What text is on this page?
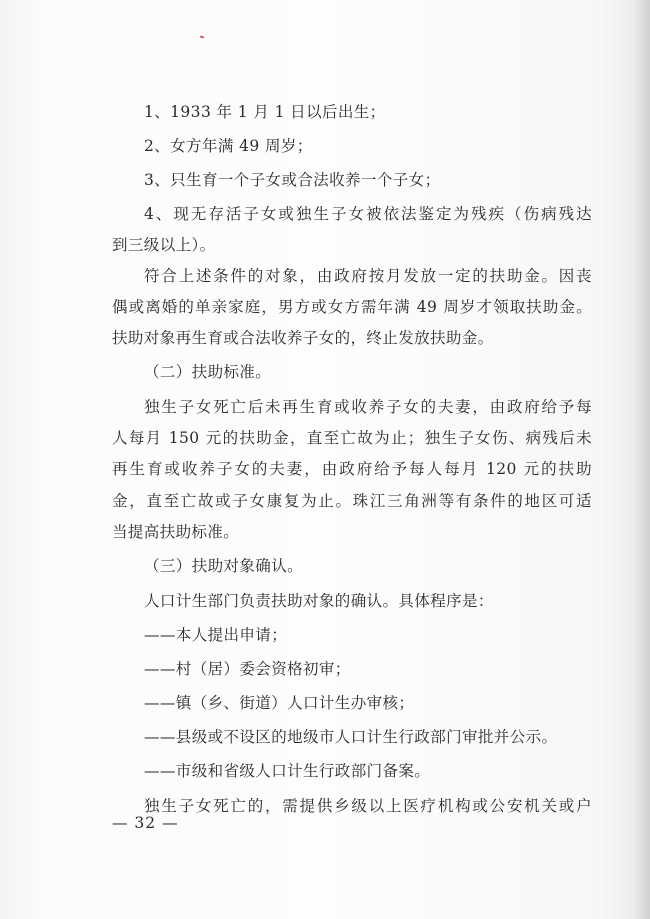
1、1933 年 1 月 1 日以后出生；
2、女方年满 49 周岁；
3、只生育一个子女或合法收养一个子女；
4、现无存活子女或独生子女被依法鉴定为残疾（伤病残达
到三级以上）。
符合上述条件的对象，由政府按月发放一定的扶助金。因丧
偶或离婚的单亲家庭，男方或女方需年满 49 周岁才领取扶助金。
扶助对象再生育或合法收养子女的，终止发放扶助金。
（二）扶助标准。
独生子女死亡后未再生育或收养子女的夫妻，由政府给予每
人每月 150 元的扶助金，直至亡故为止；独生子女伤、病残后未
再生育或收养子女的夫妻，由政府给予每人每月 120 元的扶助
金，直至亡故或子女康复为止。珠江三角洲等有条件的地区可适
当提高扶助标准。
（三）扶助对象确认。
人口计生部门负责扶助对象的确认。具体程序是：
——本人提出申请；
——村（居）委会资格初审；
——镇（乡、街道）人口计生办审核；
——县级或不设区的地级市人口计生行政部门审批并公示。
——市级和省级人口计生行政部门备案。
独生子女死亡的，需提供乡级以上医疗机构或公安机关或户
— 32 —
